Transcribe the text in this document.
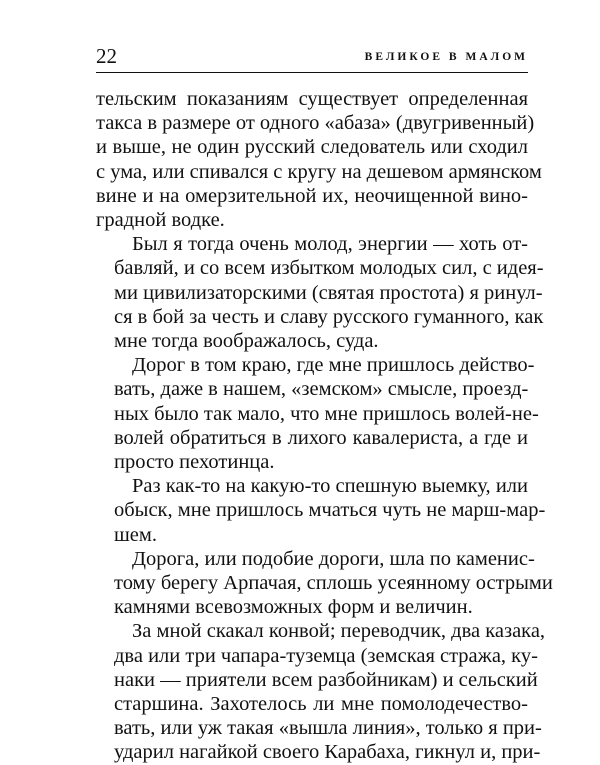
22	ВЕЛИКОЕ В МАЛОМ

тельским показаниям существует определенная
такса в размере от одного «абаза» (двугривенный)
и выше, не один русский следователь или сходил
с ума, или спивался с кругу на дешевом армянском
вине и на омерзительной их, неочищенной вино-
градной водке.

Был я тогда очень молод, энергии — хоть от-
бавляй, и со всем избытком молодых сил, с идея-
ми цивилизаторскими (святая простота) я ринул-
ся в бой за честь и славу русского гуманного, как
мне тогда воображалось, суда.

Дорог в том краю, где мне пришлось действо-
вать, даже в нашем, «земском» смысле, проезд-
ных было так мало, что мне пришлось волей-не-
волей обратиться в лихого кавалериста, а где и
просто пехотинца.

Раз как-то на какую-то спешную выемку, или
обыск, мне пришлось мчаться чуть не марш-мар-
шем.

Дорога, или подобие дороги, шла по каменис-
тому берегу Арпачая, сплошь усеянному острыми
камнями всевозможных форм и величин.

За мной скакал конвой; переводчик, два казака,
два или три чапара-туземца (земская стража, ку-
наки — приятели всем разбойникам) и сельский
старшина. Захотелось ли мне помолодечество-
вать, или уж такая «вышла линия», только я при-
ударил нагайкой своего Карабаха, гикнул и, при-
